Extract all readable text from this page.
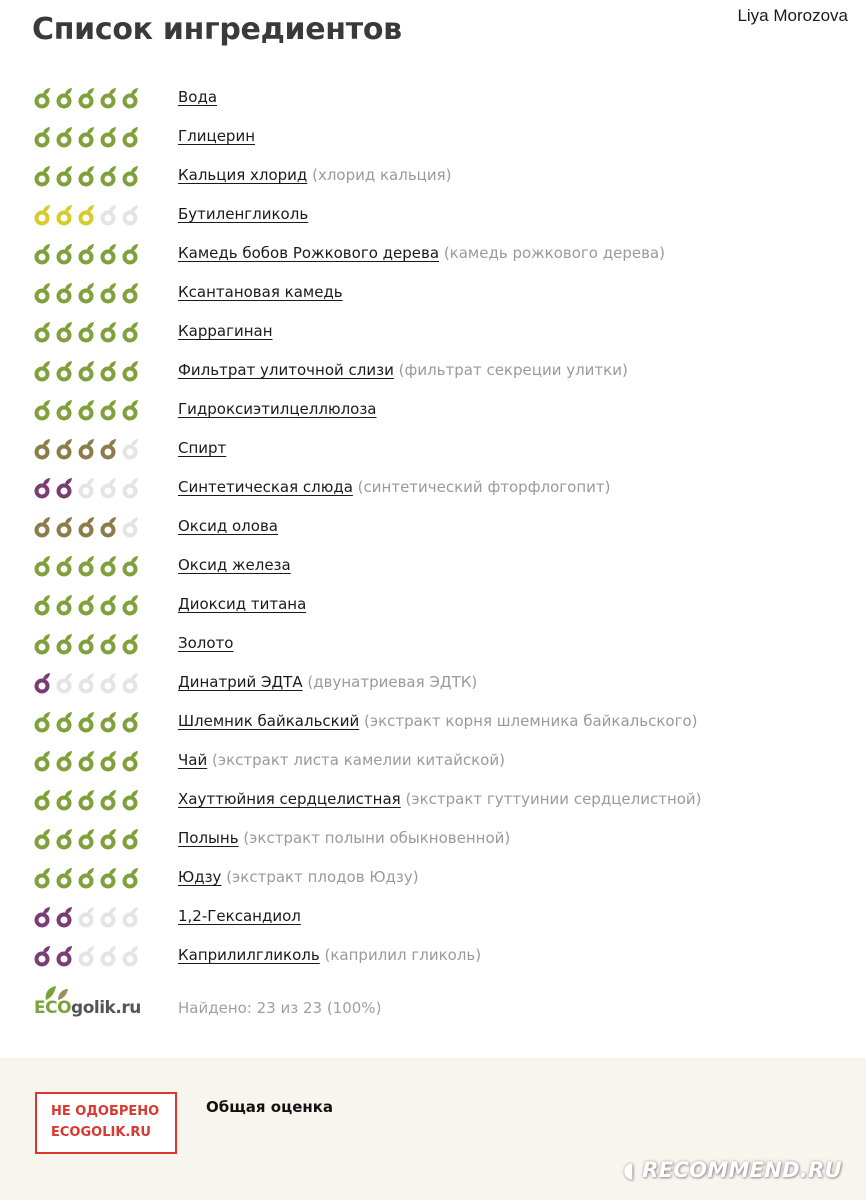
Список ингредиентов	Liya Morozova
Вода
Глицерин
Кальция хлорид (хлорид кальция)
Бутиленгликоль
Камедь бобов Рожкового дерева (камедь рожкового дерева)
Ксантановая камедь
Каррагинан
Фильтрат улиточной слизи (фильтрат секреции улитки)
Гидроксиэтилцеллюлоза
Спирт
Синтетическая слюда (синтетический фторфлогопит)
Оксид олова
Оксид железа
Диоксид титана
Золото
Динатрий ЭДТА (двунатриевая ЭДТК)
Шлемник байкальский (экстракт корня шлемника байкальского)
Чай (экстракт листа камелии китайской)
Хауттюйния сердцелистная (экстракт гуттуинии сердцелистной)
Полынь (экстракт полыни обыкновенной)
Юдзу (экстракт плодов Юдзу)
1,2-Гександиол
Каприлилгликоль (каприлил гликоль)
ECOgolik.ru Найдено: 23 из 23 (100%)
НЕ ОДОБРЕНО
ECOGOLIK.RU
Общая оценка
◖ RECOMMEND.RU
